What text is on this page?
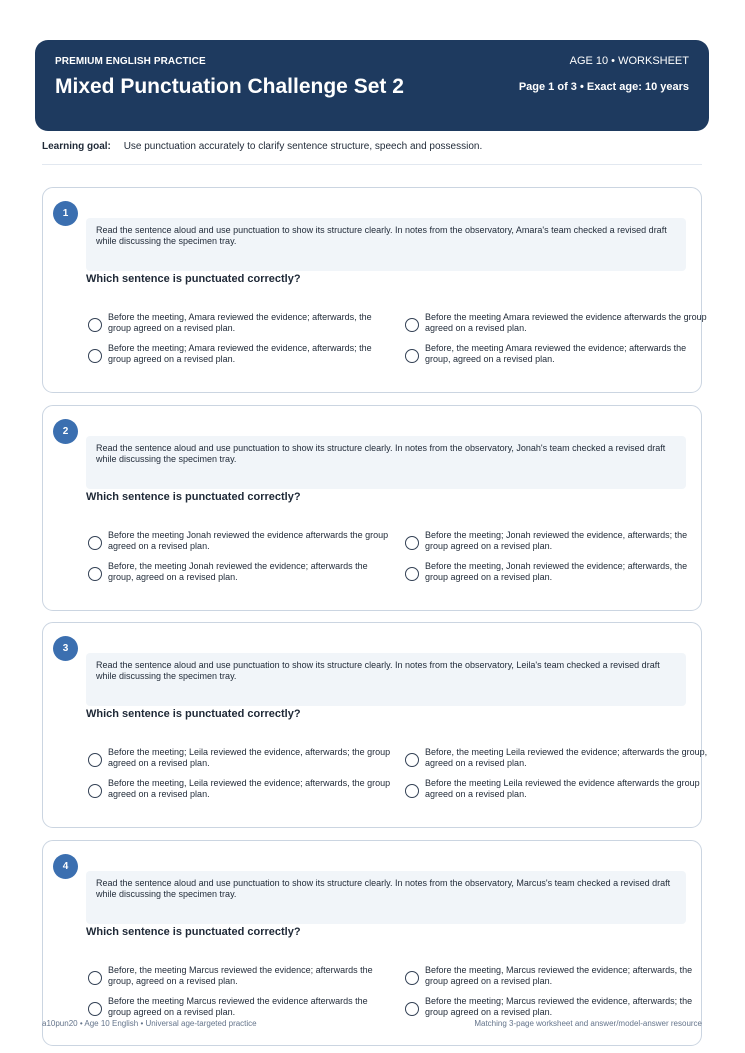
PREMIUM ENGLISH PRACTICE
Mixed Punctuation Challenge Set 2
AGE 10 • WORKSHEET
Page 1 of 3 • Exact age: 10 years
Learning goal: Use punctuation accurately to clarify sentence structure, speech and possession.
1
Read the sentence aloud and use punctuation to show its structure clearly. In notes from the observatory, Amara's team checked a revised draft while discussing the specimen tray.
Which sentence is punctuated correctly?
Before the meeting, Amara reviewed the evidence; afterwards, the group agreed on a revised plan.
Before the meeting Amara reviewed the evidence afterwards the group agreed on a revised plan.
Before the meeting; Amara reviewed the evidence, afterwards; the group agreed on a revised plan.
Before, the meeting Amara reviewed the evidence; afterwards the group, agreed on a revised plan.
2
Read the sentence aloud and use punctuation to show its structure clearly. In notes from the observatory, Jonah's team checked a revised draft while discussing the specimen tray.
Which sentence is punctuated correctly?
Before the meeting Jonah reviewed the evidence afterwards the group agreed on a revised plan.
Before the meeting; Jonah reviewed the evidence, afterwards; the group agreed on a revised plan.
Before, the meeting Jonah reviewed the evidence; afterwards the group, agreed on a revised plan.
Before the meeting, Jonah reviewed the evidence; afterwards, the group agreed on a revised plan.
3
Read the sentence aloud and use punctuation to show its structure clearly. In notes from the observatory, Leila's team checked a revised draft while discussing the specimen tray.
Which sentence is punctuated correctly?
Before the meeting; Leila reviewed the evidence, afterwards; the group agreed on a revised plan.
Before, the meeting Leila reviewed the evidence; afterwards the group, agreed on a revised plan.
Before the meeting, Leila reviewed the evidence; afterwards, the group agreed on a revised plan.
Before the meeting Leila reviewed the evidence afterwards the group agreed on a revised plan.
4
Read the sentence aloud and use punctuation to show its structure clearly. In notes from the observatory, Marcus's team checked a revised draft while discussing the specimen tray.
Which sentence is punctuated correctly?
Before, the meeting Marcus reviewed the evidence; afterwards the group, agreed on a revised plan.
Before the meeting, Marcus reviewed the evidence; afterwards, the group agreed on a revised plan.
Before the meeting Marcus reviewed the evidence afterwards the group agreed on a revised plan.
Before the meeting; Marcus reviewed the evidence, afterwards; the group agreed on a revised plan.
a10pun20 • Age 10 English • Universal age-targeted practice	Matching 3-page worksheet and answer/model-answer resource
